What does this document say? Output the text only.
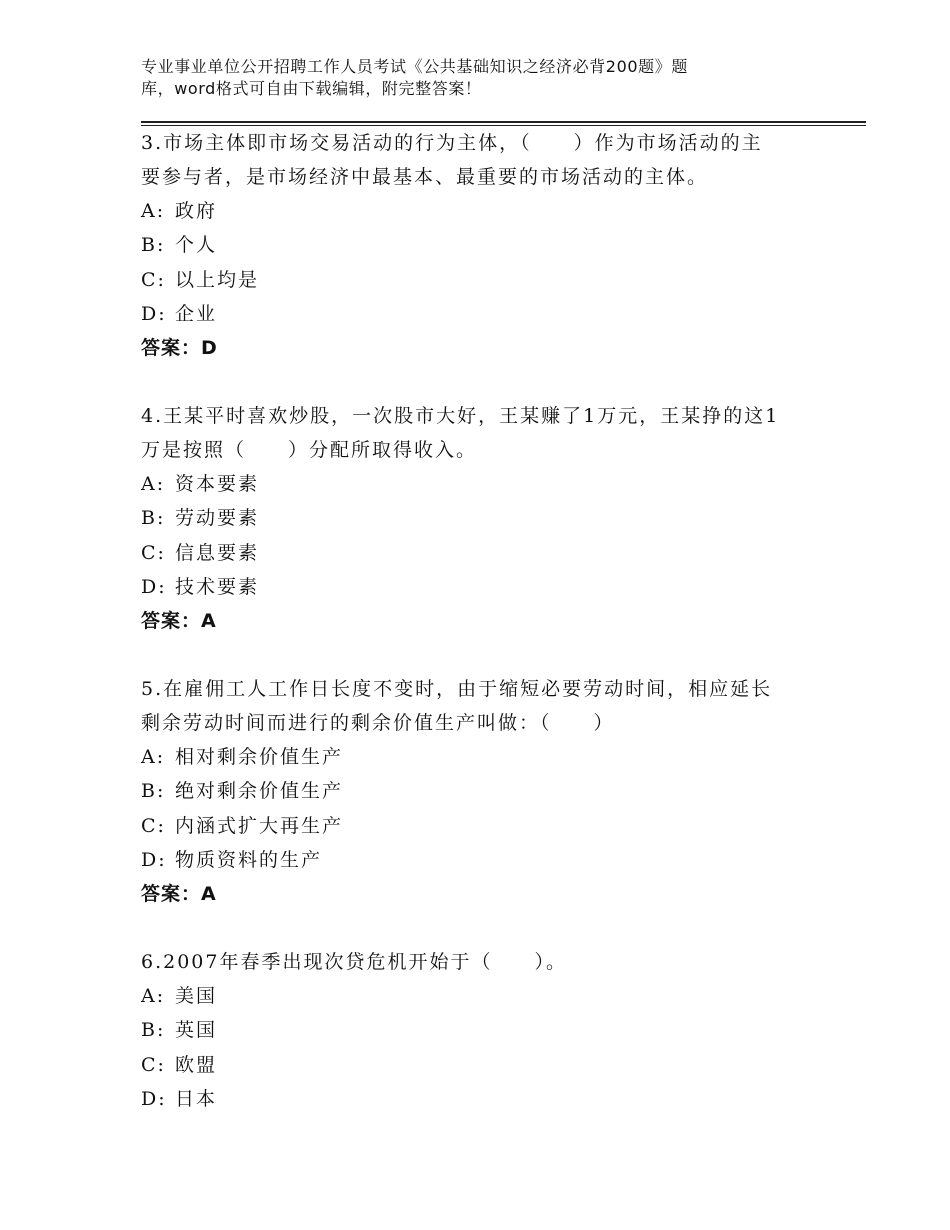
专业事业单位公开招聘工作人员考试《公共基础知识之经济必背200题》题
库，word格式可自由下载编辑，附完整答案！

3.市场主体即市场交易活动的行为主体，（　　）作为市场活动的主

要参与者，是市场经济中最基本、最重要的市场活动的主体。

A: 政府

B: 个人

C: 以上均是

D: 企业

答案：D

4.王某平时喜欢炒股，一次股市大好，王某赚了1万元，王某挣的这1

万是按照（　　）分配所取得收入。

A: 资本要素

B: 劳动要素

C: 信息要素

D: 技术要素

答案：A

5.在雇佣工人工作日长度不变时，由于缩短必要劳动时间，相应延长

剩余劳动时间而进行的剩余价值生产叫做：（　　）

A: 相对剩余价值生产

B: 绝对剩余价值生产

C: 内涵式扩大再生产

D: 物质资料的生产

答案：A

6.2007年春季出现次贷危机开始于（　　）。

A: 美国

B: 英国

C: 欧盟

D: 日本
